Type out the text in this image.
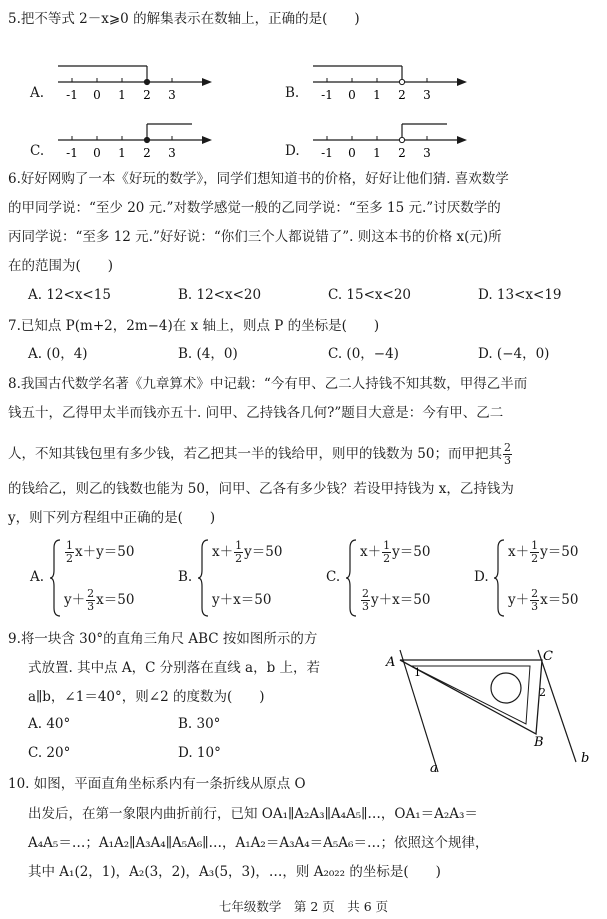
5.把不等式 2－x⩾0 的解集表示在数轴上，正确的是(　　)
A. -1 0 1 2 3	B. -1 0 1 2 3
C. -1 0 1 2 3	D. -1 0 1 2 3
6.好好网购了一本《好玩的数学》，同学们想知道书的价格，好好让他们猜. 喜欢数学
的甲同学说：“至少 20 元.”对数学感觉一般的乙同学说：“至多 15 元.”讨厌数学的
丙同学说：“至多 12 元.”好好说：“你们三个人都说错了”. 则这本书的价格 x(元)所
在的范围为(　　)
A. 12<x<15	B. 12<x<20	C. 15<x<20	D. 13<x<19
7.已知点 P(m+2，2m−4)在 x 轴上，则点 P 的坐标是(　　)
A. (0，4)	B. (4，0)	C. (0，−4)	D. (−4，0)
8.我国古代数学名著《九章算术》中记载：“今有甲、乙二人持钱不知其数，甲得乙半而
钱五十，乙得甲太半而钱亦五十. 问甲、乙持钱各几何?”题目大意是：今有甲、乙二
人，不知其钱包里有多少钱，若乙把其一半的钱给甲，则甲的钱数为 50；而甲把其 $\frac{2}{3}$
的钱给乙，则乙的钱数也能为 50，问甲、乙各有多少钱？若设甲持钱为 x，乙持钱为
y，则下列方程组中正确的是(　　)
A.
$\frac{1}{2} x+y=50$
$y+ \frac{2}{3} x=50$
B.
$x+ \frac{1}{2} y=50$
y＋x＝50
C.
$x+ \frac{1}{2} y=50$
$\frac{2}{3} y+x=50$
D.
$x+ \frac{1}{2} y=50$
$y+ \frac{2}{3} x=50$
9.将一块含 30°的直角三角尺 ABC 按如图所示的方
式放置. 其中点 A，C 分别落在直线 a，b 上，若
a∥b，∠1＝40°，则∠2 的度数为(　　)
A. 40°	B. 30°
C. 20°	D. 10°
A	C
B
1
2
a
b
10. 如图，平面直角坐标系内有一条折线从原点 O
出发后，在第一象限内曲折前行，已知 OA₁∥A₂A₃∥A₄A₅∥…，OA₁＝A₂A₃＝
A₄A₅＝…；A₁A₂∥A₃A₄∥A₅A₆∥…，A₁A₂＝A₃A₄＝A₅A₆＝…；依照这个规律，
其中 A₁(2，1)，A₂(3，2)，A₃(5，3)，…，则 A₂₀₂₂ 的坐标是(　　)
七年级数学　第 2 页　共 6 页
